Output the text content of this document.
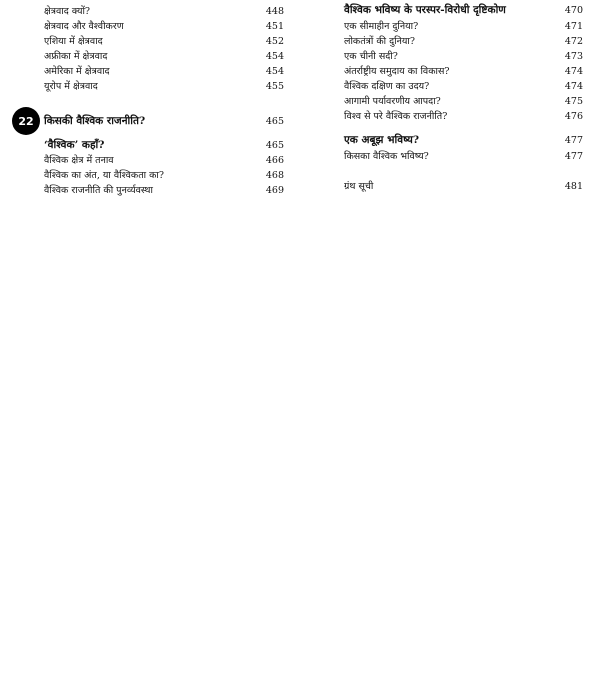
क्षेत्रवाद क्यों?	448
क्षेत्रवाद और वैश्वीकरण	451
एशिया में क्षेत्रवाद	452
अफ्रीका में क्षेत्रवाद	454
अमेरिका में क्षेत्रवाद	454
यूरोप में क्षेत्रवाद	455
किसकी वैश्विक राजनीति?	465
‘वैश्विक’ कहाँ?	465
वैश्विक क्षेत्र में तनाव	466
वैश्विक का अंत, या वैश्विकता का?	468
वैश्विक राजनीति की पुनर्व्यवस्था	469
22
वैश्विक भविष्य के परस्पर-विरोधी दृष्टिकोण	470
एक सीमाहीन दुनिया?	471
लोकतंत्रों की दुनिया?	472
एक चीनी सदी?	473
अंतर्राष्ट्रीय समुदाय का विकास?	474
वैश्विक दक्षिण का उदय?	474
आगामी पर्यावरणीय आपदा?	475
विश्व से परे वैश्विक राजनीति?	476
एक अबूझ भविष्य?	477
किसका वैश्विक भविष्य?	477
ग्रंथ सूची	481
